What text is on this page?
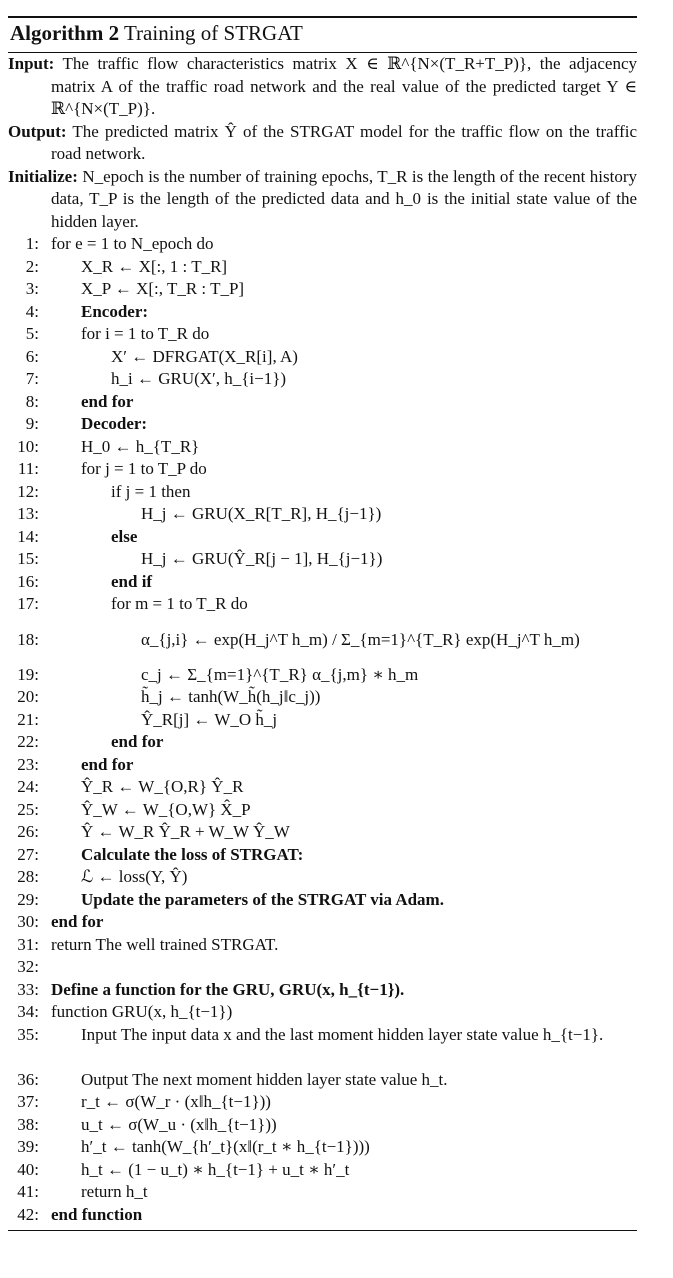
Algorithm 2 Training of STRGAT

Input: The traffic flow characteristics matrix X ∈ ℝ^{N×(T_R+T_P)}, the adjacency matrix A of the traffic road network and the real value of the predicted target Y ∈ ℝ^{N×(T_P)}.

Output: The predicted matrix Ŷ of the STRGAT model for the traffic flow on the traffic road network.

Initialize: N_epoch is the number of training epochs, T_R is the length of the recent history data, T_P is the length of the predicted data and h_0 is the initial state value of the hidden layer.

1: for e = 1 to N_epoch do
2:	X_R ← X[:, 1 : T_R]
3:	X_P ← X[:, T_R : T_P]
4:	Encoder:
5:	for i = 1 to T_R do
6:	X′ ← DFRGAT(X_R[i], A)
7:	h_i ← GRU(X′, h_{i−1})
8:	end for
9:	Decoder:
10:	H_0 ← h_{T_R}
11:	for j = 1 to T_P do
12:	if j = 1 then
13:	H_j ← GRU(X_R[T_R], H_{j−1})
14:	else
15:	H_j ← GRU(Ŷ_R[j − 1], H_{j−1})
16:	end if
17:	for m = 1 to T_R do
18:	α_{j,i} ← exp(H_j^T h_m) / Σ_{m=1}^{T_R} exp(H_j^T h_m)
19:	c_j ← Σ_{m=1}^{T_R} α_{j,m} ∗ h_m
20:	h̃_j ← tanh(W_h̃(h_j‖c_j))
21:	Ŷ_R[j] ← W_O h̃_j
22:	end for
23:	end for
24:	Ŷ_R ← W_{O,R} Ŷ_R
25:	Ŷ_W ← W_{O,W} X̂_P
26:	Ŷ ← W_R Ŷ_R + W_W Ŷ_W
27:	Calculate the loss of STRGAT:
28:	ℒ ← loss(Y, Ŷ)
29:	Update the parameters of the STRGAT via Adam.
30: end for
31: return The well trained STRGAT.
32:
33: Define a function for the GRU, GRU(x, h_{t−1}).
34: function GRU(x, h_{t−1})
35:	Input The input data x and the last moment hidden layer state value h_{t−1}.
36:	Output The next moment hidden layer state value h_t.
37:	r_t ← σ(W_r · (x‖h_{t−1}))
38:	u_t ← σ(W_u · (x‖h_{t−1}))
39:	h′_t ← tanh(W_{h′_t}(x‖(r_t ∗ h_{t−1})))
40:	h_t ← (1 − u_t) ∗ h_{t−1} + u_t ∗ h′_t
41:	return h_t
42: end function
